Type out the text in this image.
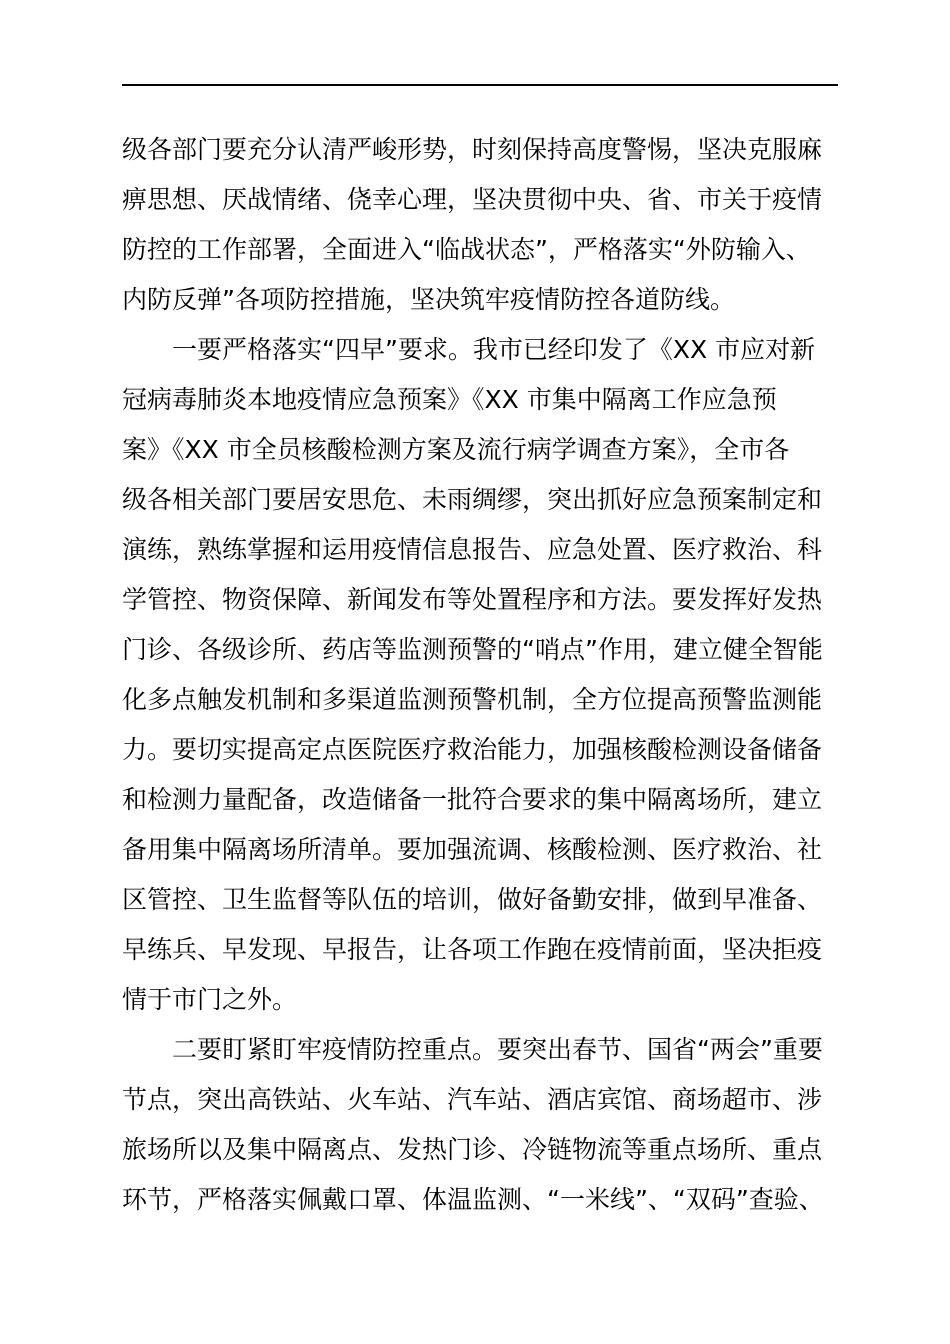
级各部门要充分认清严峻形势，时刻保持高度警惕，坚决克服麻
痹思想、厌战情绪、侥幸心理，坚决贯彻中央、省、市关于疫情
防控的工作部署，全面进入“临战状态”，严格落实“外防输入、
内防反弹”各项防控措施，坚决筑牢疫情防控各道防线。
　　一要严格落实“四早”要求。我市已经印发了《XX 市应对新
冠病毒肺炎本地疫情应急预案》《XX 市集中隔离工作应急预
案》《XX 市全员核酸检测方案及流行病学调查方案》，全市各
级各相关部门要居安思危、未雨绸缪，突出抓好应急预案制定和
演练，熟练掌握和运用疫情信息报告、应急处置、医疗救治、科
学管控、物资保障、新闻发布等处置程序和方法。要发挥好发热
门诊、各级诊所、药店等监测预警的“哨点”作用，建立健全智能
化多点触发机制和多渠道监测预警机制，全方位提高预警监测能
力。要切实提高定点医院医疗救治能力，加强核酸检测设备储备
和检测力量配备，改造储备一批符合要求的集中隔离场所，建立
备用集中隔离场所清单。要加强流调、核酸检测、医疗救治、社
区管控、卫生监督等队伍的培训，做好备勤安排，做到早准备、
早练兵、早发现、早报告，让各项工作跑在疫情前面，坚决拒疫
情于市门之外。
　　二要盯紧盯牢疫情防控重点。要突出春节、国省“两会”重要
节点，突出高铁站、火车站、汽车站、酒店宾馆、商场超市、涉
旅场所以及集中隔离点、发热门诊、冷链物流等重点场所、重点
环节，严格落实佩戴口罩、体温监测、“一米线”、“双码”查验、
